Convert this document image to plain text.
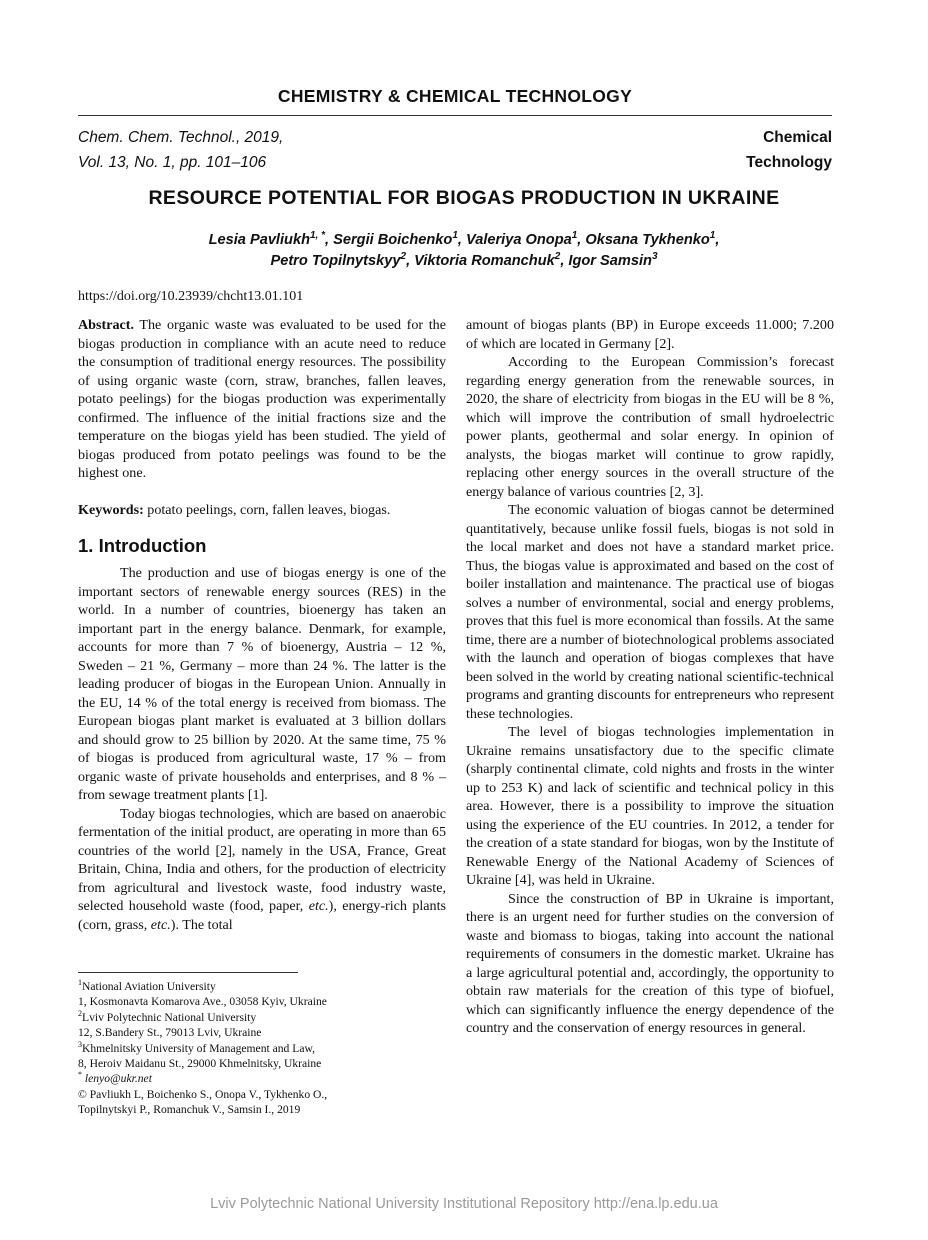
CHEMISTRY & CHEMICAL TECHNOLOGY
Chem. Chem. Technol., 2019,
Vol. 13, No. 1, pp. 101–106
Chemical
Technology
RESOURCE POTENTIAL FOR BIOGAS PRODUCTION IN UKRAINE
Lesia Pavliukh$^{1, *}$, Sergii Boichenko$^1$, Valeriya Onopa$^1$, Oksana Tykhenko$^1$,
Petro Topilnytskyy$^2$, Viktoria Romanchuk$^2$, Igor Samsin$^3$
https://doi.org/10.23939/chcht13.01.101

Abstract. The organic waste was evaluated to be used for the biogas production in compliance with an acute need to reduce the consumption of traditional energy resources. The possibility of using organic waste (corn, straw, branches, fallen leaves, potato peelings) for the biogas production was experimentally confirmed. The influence of the initial fractions size and the temperature on the biogas yield has been studied. The yield of biogas produced from potato peelings was found to be the highest one.

Keywords: potato peelings, corn, fallen leaves, biogas.

1. Introduction

The production and use of biogas energy is one of the important sectors of renewable energy sources (RES) in the world. In a number of countries, bioenergy has taken an important part in the energy balance. Denmark, for example, accounts for more than 7 % of bioenergy, Austria – 12 %, Sweden – 21 %, Germany – more than 24 %. The latter is the leading producer of biogas in the European Union. Annually in the EU, 14 % of the total energy is received from biomass. The European biogas plant market is evaluated at 3 billion dollars and should grow to 25 billion by 2020. At the same time, 75 % of biogas is produced from agricultural waste, 17 % – from organic waste of private households and enterprises, and 8 % – from sewage treatment plants [1].

Today biogas technologies, which are based on anaerobic fermentation of the initial product, are operating in more than 65 countries of the world [2], namely in the USA, France, Great Britain, China, India and others, for the production of electricity from agricultural and livestock waste, food industry waste, selected household waste (food, paper, etc.), energy-rich plants (corn, grass, etc.). The total

amount of biogas plants (BP) in Europe exceeds 11.000; 7.200 of which are located in Germany [2].

According to the European Commission’s forecast regarding energy generation from the renewable sources, in 2020, the share of electricity from biogas in the EU will be 8 %, which will improve the contribution of small hydroelectric power plants, geothermal and solar energy. In opinion of analysts, the biogas market will continue to grow rapidly, replacing other energy sources in the overall structure of the energy balance of various countries [2, 3].

The economic valuation of biogas cannot be determined quantitatively, because unlike fossil fuels, biogas is not sold in the local market and does not have a standard market price. Thus, the biogas value is approximated and based on the cost of boiler installation and maintenance. The practical use of biogas solves a number of environmental, social and energy problems, proves that this fuel is more economical than fossils. At the same time, there are a number of biotechnological problems associated with the launch and operation of biogas complexes that have been solved in the world by creating national scientific-technical programs and granting discounts for entrepreneurs who represent these technologies.

The level of biogas technologies implementation in Ukraine remains unsatisfactory due to the specific climate (sharply continental climate, cold nights and frosts in the winter up to 253 K) and lack of scientific and technical policy in this area. However, there is a possibility to improve the situation using the experience of the EU countries. In 2012, a tender for the creation of a state standard for biogas, won by the Institute of Renewable Energy of the National Academy of Sciences of Ukraine [4], was held in Ukraine.

Since the construction of BP in Ukraine is important, there is an urgent need for further studies on the conversion of waste and biomass to biogas, taking into account the national requirements of consumers in the domestic market. Ukraine has a large agricultural potential and, accordingly, the opportunity to obtain raw materials for the creation of this type of biofuel, which can significantly influence the energy dependence of the country and the conservation of energy resources in general.

$^1$National Aviation University
1, Kosmonavta Komarova Ave., 03058 Kyiv, Ukraine
$^2$Lviv Polytechnic National University
12, S.Bandery St., 79013 Lviv, Ukraine
$^3$Khmelnitsky University of Management and Law,
8, Heroiv Maidanu St., 29000 Khmelnitsky, Ukraine
* lenyo@ukr.net
© Pavliukh L, Boichenko S., Onopa V., Tykhenko O.,
Topilnytskyi P., Romanchuk V., Samsin I., 2019
Lviv Polytechnic National University Institutional Repository http://ena.lp.edu.ua
